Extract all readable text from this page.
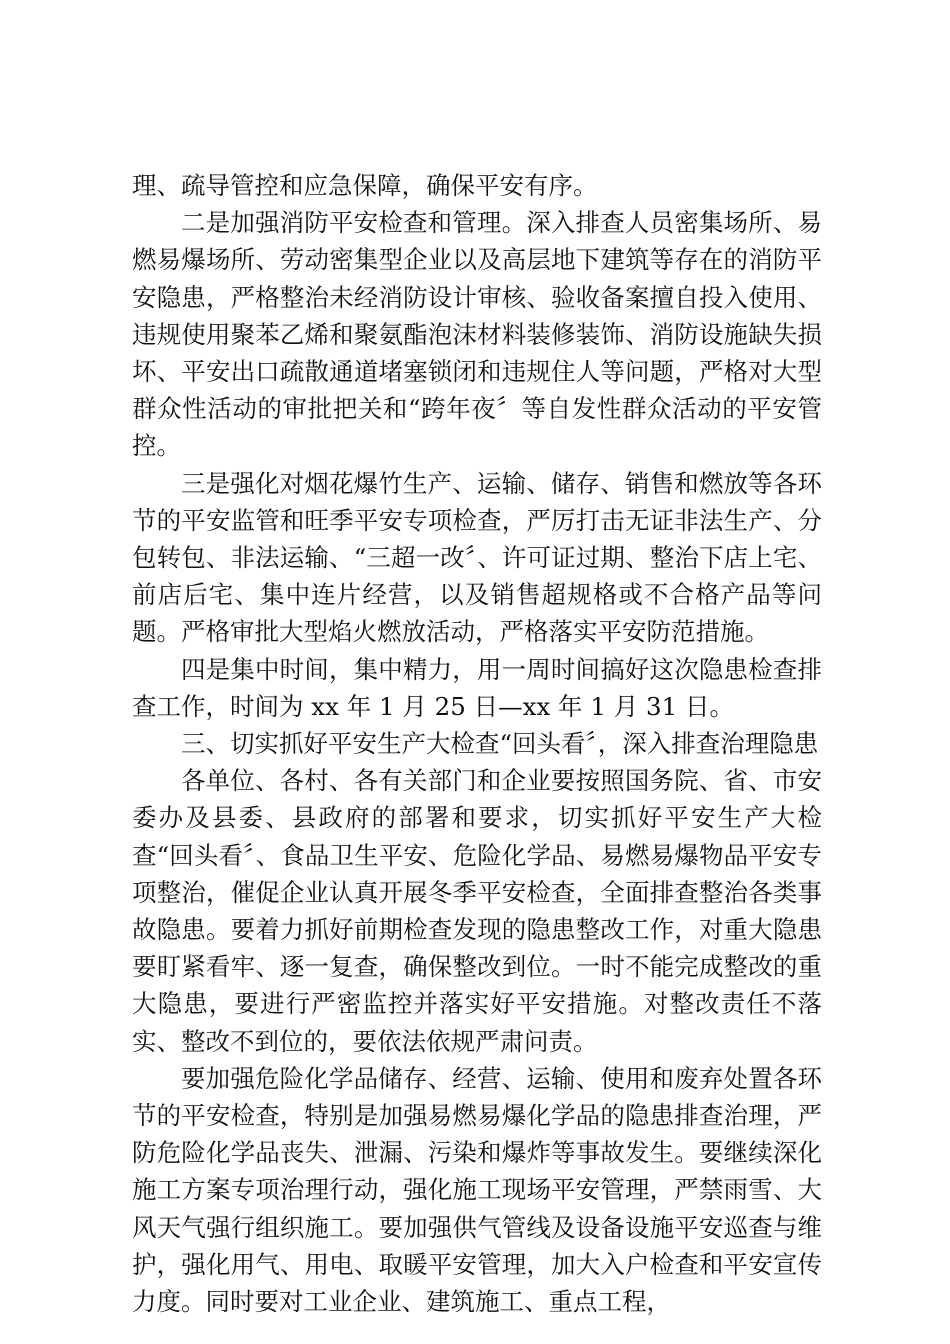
理、疏导管控和应急保障，确保平安有序。

二是加强消防平安检查和管理。深入排查人员密集场所、易燃易爆场所、劳动密集型企业以及高层地下建筑等存在的消防平安隐患，严格整治未经消防设计审核、验收备案擅自投入使用、违规使用聚苯乙烯和聚氨酯泡沫材料装修装饰、消防设施缺失损坏、平安出口疏散通道堵塞锁闭和违规住人等问题，严格对大型群众性活动的审批把关和“跨年夜〞等自发性群众活动的平安管控。

三是强化对烟花爆竹生产、运输、储存、销售和燃放等各环节的平安监管和旺季平安专项检查，严厉打击无证非法生产、分包转包、非法运输、“三超一改〞、许可证过期、整治下店上宅、前店后宅、集中连片经营，以及销售超规格或不合格产品等问题。严格审批大型焰火燃放活动，严格落实平安防范措施。

四是集中时间，集中精力，用一周时间搞好这次隐患检查排查工作，时间为 xx 年 1 月 25 日—xx 年 1 月 31 日。

三、切实抓好平安生产大检查“回头看〞，深入排查治理隐患

各单位、各村、各有关部门和企业要按照国务院、省、市安委办及县委、县政府的部署和要求，切实抓好平安生产大检查“回头看〞、食品卫生平安、危险化学品、易燃易爆物品平安专项整治，催促企业认真开展冬季平安检查，全面排查整治各类事故隐患。要着力抓好前期检查发现的隐患整改工作，对重大隐患要盯紧看牢、逐一复查，确保整改到位。一时不能完成整改的重大隐患，要进行严密监控并落实好平安措施。对整改责任不落实、整改不到位的，要依法依规严肃问责。

要加强危险化学品储存、经营、运输、使用和废弃处置各环节的平安检查，特别是加强易燃易爆化学品的隐患排查治理，严防危险化学品丧失、泄漏、污染和爆炸等事故发生。要继续深化施工方案专项治理行动，强化施工现场平安管理，严禁雨雪、大风天气强行组织施工。要加强供气管线及设备设施平安巡查与维护，强化用气、用电、取暖平安管理，加大入户检查和平安宣传力度。同时要对工业企业、建筑施工、重点工程，
